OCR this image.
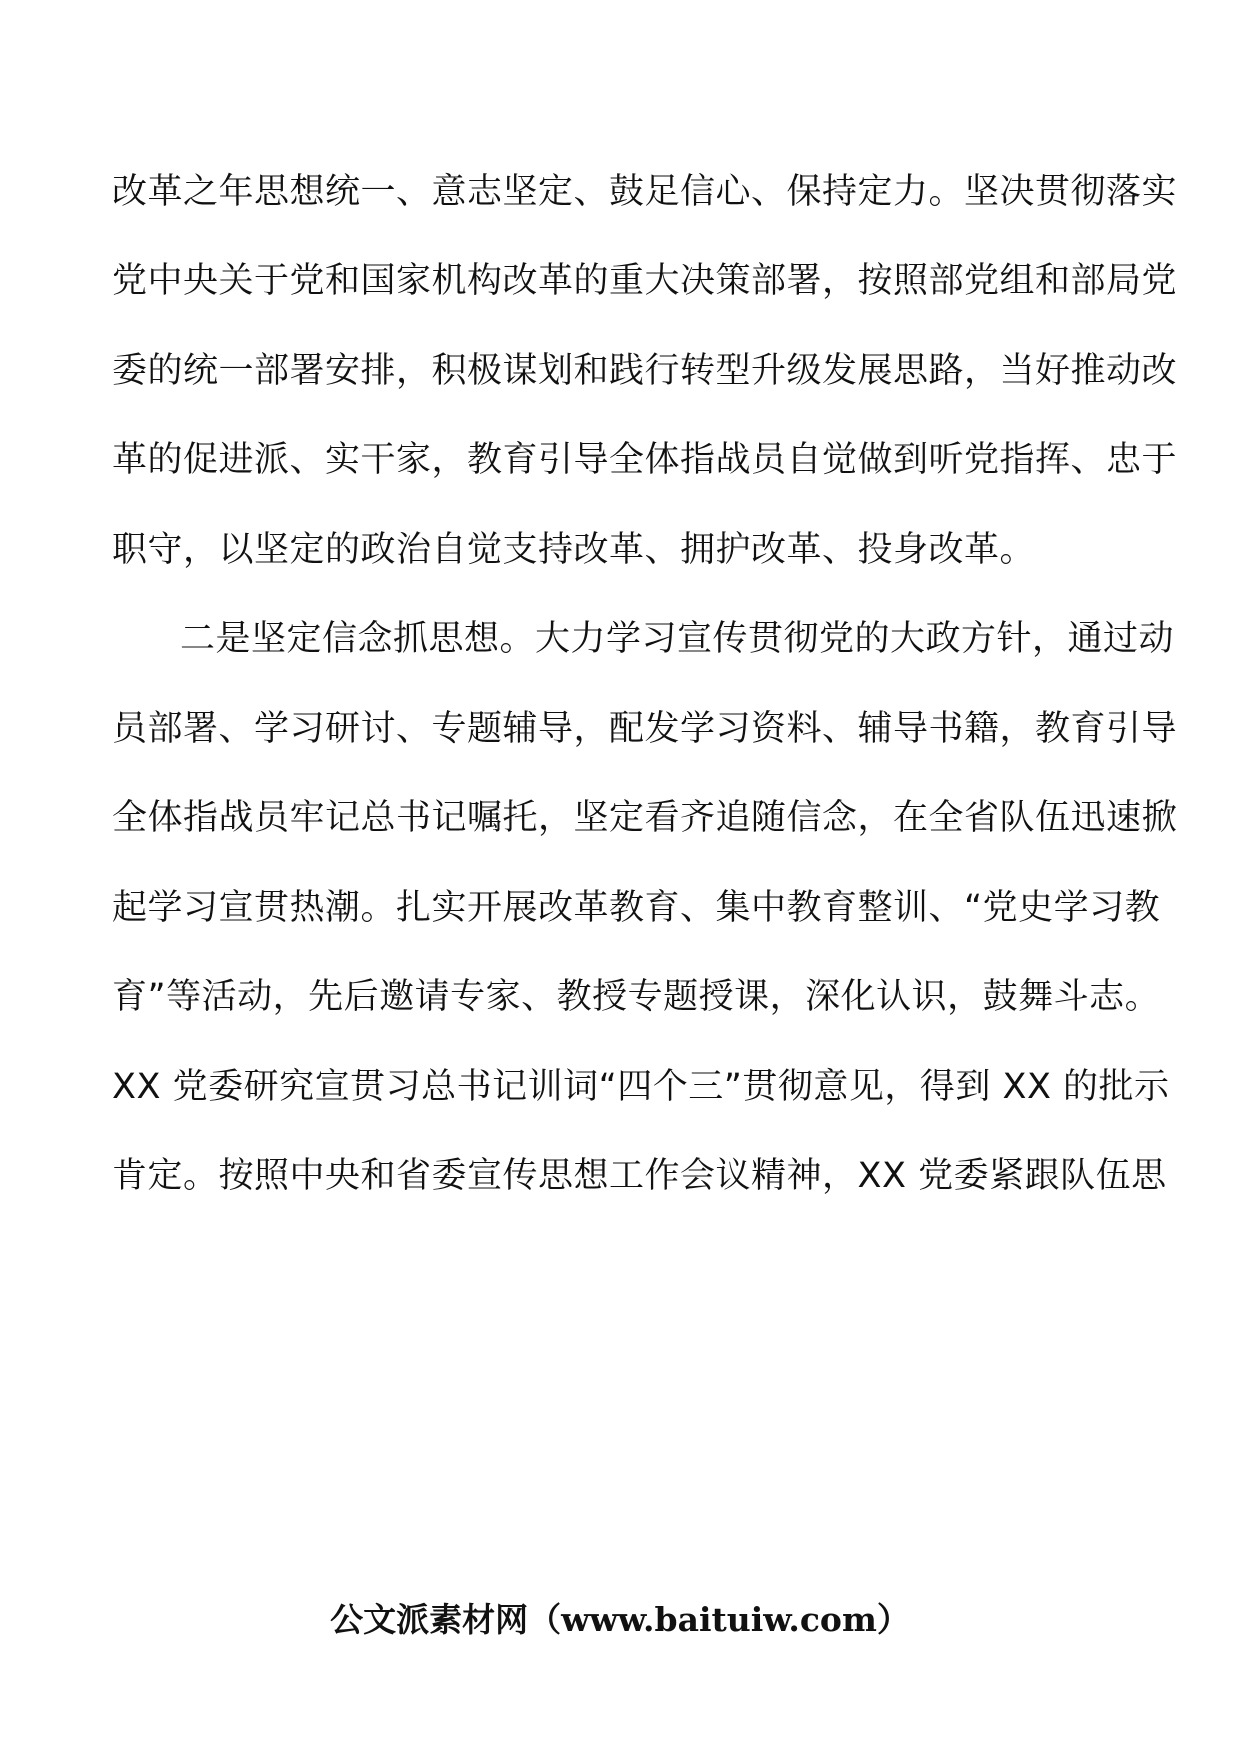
改革之年思想统一、意志坚定、鼓足信心、保持定力。坚决贯彻落实
党中央关于党和国家机构改革的重大决策部署，按照部党组和部局党
委的统一部署安排，积极谋划和践行转型升级发展思路，当好推动改
革的促进派、实干家，教育引导全体指战员自觉做到听党指挥、忠于
职守，以坚定的政治自觉支持改革、拥护改革、投身改革。
二是坚定信念抓思想。大力学习宣传贯彻党的大政方针，通过动
员部署、学习研讨、专题辅导，配发学习资料、辅导书籍，教育引导
全体指战员牢记总书记嘱托，坚定看齐追随信念，在全省队伍迅速掀
起学习宣贯热潮。扎实开展改革教育、集中教育整训、“党史学习教
育”等活动，先后邀请专家、教授专题授课，深化认识，鼓舞斗志。
XX 党委研究宣贯习总书记训词“四个三”贯彻意见，得到 XX 的批示
肯定。按照中央和省委宣传思想工作会议精神，XX 党委紧跟队伍思
公文派素材网（www.baituiw.com）
